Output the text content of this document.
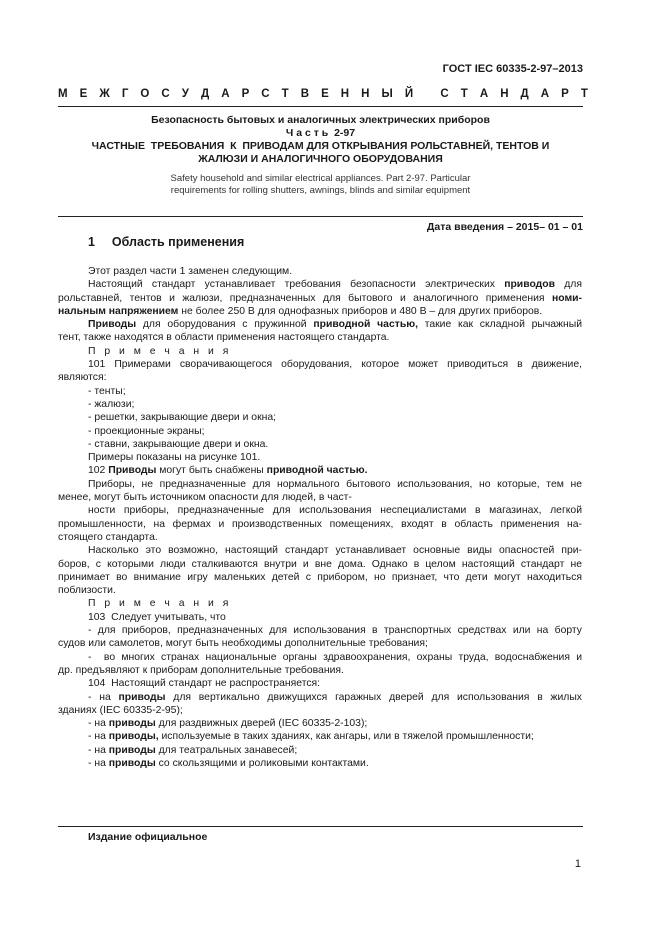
ГОСТ IEC 60335-2-97–2013
М Е Ж Г О С У Д А Р С Т В Е Н Н Ы Й
С Т А Н Д А Р Т
Безопасность бытовых и аналогичных электрических приборов
Ч а с т ь  2-97
ЧАСТНЫЕ  ТРЕБОВАНИЯ  К  ПРИВОДАМ ДЛЯ ОТКРЫВАНИЯ РОЛЬСТАВНЕЙ, ТЕНТОВ И
ЖАЛЮЗИ И АНАЛОГИЧНОГО ОБОРУДОВАНИЯ
Safety household and similar electrical appliances. Part 2-97. Particular
requirements for rolling shutters, awnings, blinds and similar equipment
Дата введения – 2015– 01 – 01
1 Область применения

Этот раздел части 1 заменен следующим.

Настоящий стандарт устанавливает требования безопасности электрических приводов для

рольставней, тентов и жалюзи, предназначенных для бытового и аналогичного применения номи-

нальным напряжением не более 250 В для однофазных приборов и 480 В – для других приборов.

Приводы для оборудования с пружинной приводной частью, такие как складной рычажный

тент, также находятся в области применения настоящего стандарта.

П р и м е ч а н и я

101 Примерами сворачивающегося оборудования, которое может приводиться в движение,

являются:

- тенты;

- жалюзи;

- решетки, закрывающие двери и окна;

- проекционные экраны;

- ставни, закрывающие двери и окна.

Примеры показаны на рисунке 101.

102 Приводы могут быть снабжены приводной частью.

Приборы, не предназначенные для нормального бытового использования, но которые, тем не

менее, могут быть источником опасности для людей, в част-

ности приборы, предназначенные для использования неспециалистами в магазинах, легкой

промышленности, на фермах и производственных помещениях, входят в область применения на-

стоящего стандарта.

Насколько это возможно, настоящий стандарт устанавливает основные виды опасностей при-

боров, с которыми люди сталкиваются внутри и вне дома. Однако в целом настоящий стандарт не

принимает во внимание игру маленьких детей с прибором, но признает, что дети могут находиться

поблизости.

П р и м е ч а н и я

103  Следует учитывать, что

- для приборов, предназначенных для использования в транспортных средствах или на борту

судов или самолетов, могут быть необходимы дополнительные требования;

-  во многих странах национальные органы здравоохранения, охраны труда, водоснабжения и

др. предъявляют к приборам дополнительные требования.

104  Настоящий стандарт не распространяется:

- на приводы для вертикально движущихся гаражных дверей для использования в жилых

зданиях (IEC 60335-2-95);

- на приводы для раздвижных дверей (IEC 60335-2-103);

- на приводы, используемые в таких зданиях, как ангары, или в тяжелой промышленности;

- на приводы для театральных занавесей;

- на приводы со скользящими и роликовыми контактами.

Издание официальное
1
